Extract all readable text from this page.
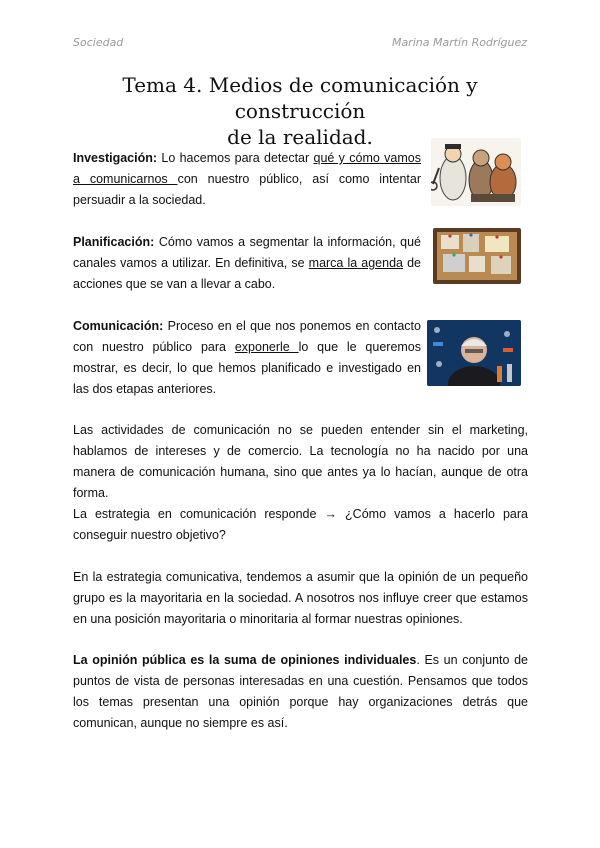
Sociedad	Marina Martín Rodríguez
Tema 4. Medios de comunicación y construcción
de la realidad.
Investigación: Lo hacemos para detectar qué y cómo vamos a comunicarnos con nuestro público, así como intentar persuadir a la sociedad.
Planificación: Cómo vamos a segmentar la información, qué canales vamos a utilizar. En definitiva, se marca la agenda de acciones que se van a llevar a cabo.
Comunicación: Proceso en el que nos ponemos en contacto con nuestro público para exponerle lo que le queremos mostrar, es decir, lo que hemos planificado e investigado en las dos etapas anteriores.
Las actividades de comunicación no se pueden entender sin el marketing, hablamos de intereses y de comercio. La tecnología no ha nacido por una manera de comunicación humana, sino que antes ya lo hacían, aunque de otra forma.
La estrategia en comunicación responde → ¿Cómo vamos a hacerlo para conseguir nuestro objetivo?
En la estrategia comunicativa, tendemos a asumir que la opinión de un pequeño grupo es la mayoritaria en la sociedad. A nosotros nos influye creer que estamos en una posición mayoritaria o minoritaria al formar nuestras opiniones.
La opinión pública es la suma de opiniones individuales. Es un conjunto de puntos de vista de personas interesadas en una cuestión. Pensamos que todos los temas presentan una opinión porque hay organizaciones detrás que comunican, aunque no siempre es así.
